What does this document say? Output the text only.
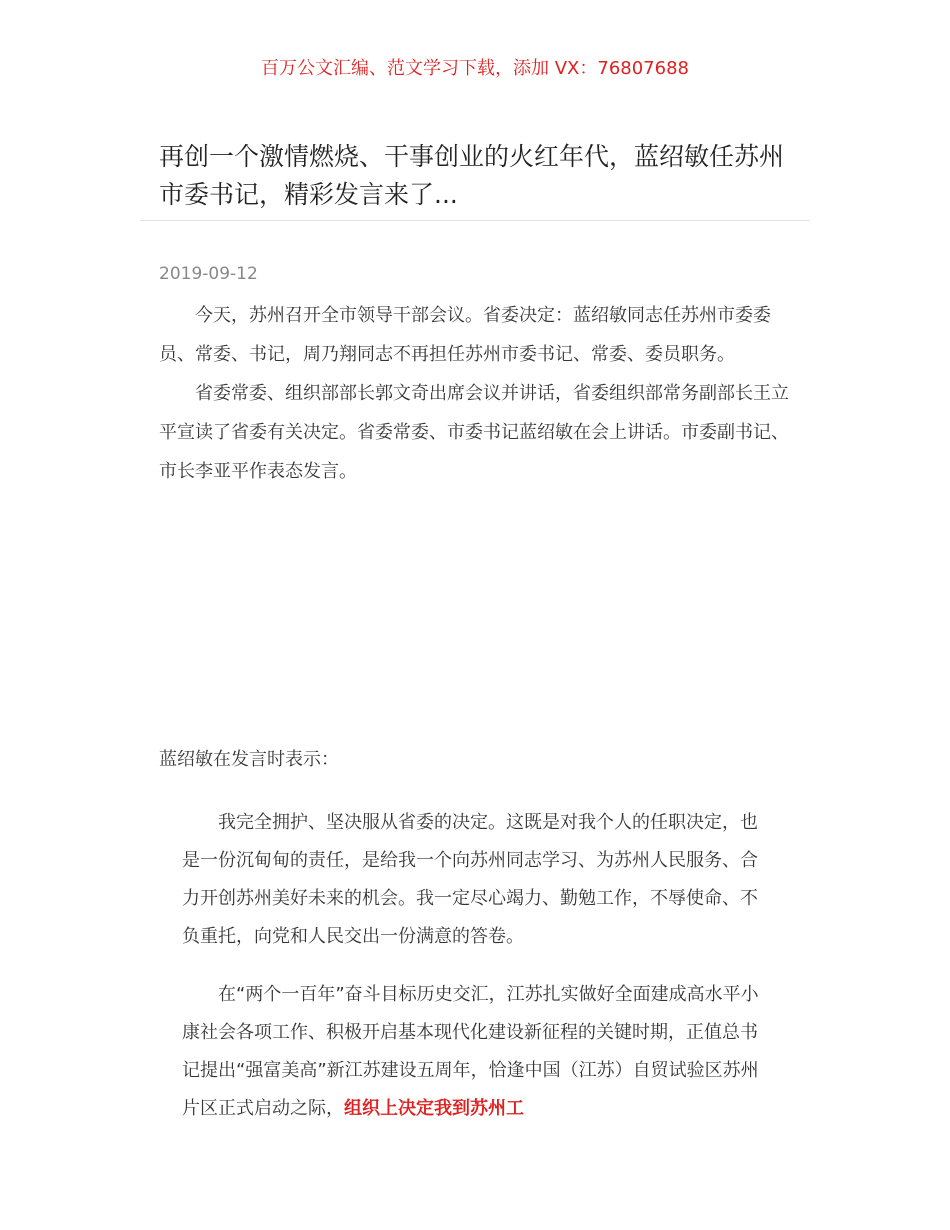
百万公文汇编、范文学习下载，添加 VX：76807688
再创一个激情燃烧、干事创业的火红年代，蓝绍敏任苏州市委书记，精彩发言来了...
2019-09-12

今天，苏州召开全市领导干部会议。省委决定：蓝绍敏同志任苏州市委委员、常委、书记，周乃翔同志不再担任苏州市委书记、常委、委员职务。

省委常委、组织部部长郭文奇出席会议并讲话，省委组织部常务副部长王立平宣读了省委有关决定。省委常委、市委书记蓝绍敏在会上讲话。市委副书记、市长李亚平作表态发言。

蓝绍敏在发言时表示：

我完全拥护、坚决服从省委的决定。这既是对我个人的任职决定，也是一份沉甸甸的责任，是给我一个向苏州同志学习、为苏州人民服务、合力开创苏州美好未来的机会。我一定尽心竭力、勤勉工作，不辱使命、不负重托，向党和人民交出一份满意的答卷。

在“两个一百年”奋斗目标历史交汇，江苏扎实做好全面建成高水平小康社会各项工作、积极开启基本现代化建设新征程的关键时期，正值总书记提出“强富美高”新江苏建设五周年，恰逢中国（江苏）自贸试验区苏州片区正式启动之际，组织上决定我到苏州工
